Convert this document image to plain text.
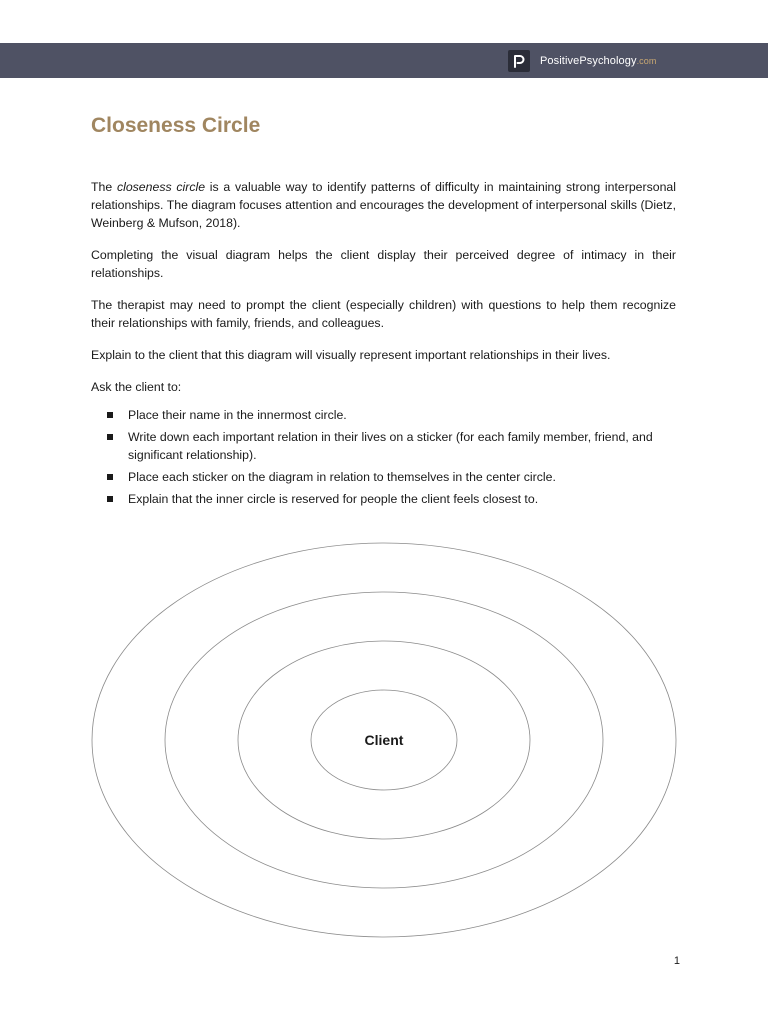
PositivePsychology.com
Closeness Circle

The closeness circle is a valuable way to identify patterns of difficulty in maintaining strong interpersonal relationships. The diagram focuses attention and encourages the development of interpersonal skills (Dietz, Weinberg & Mufson, 2018).

Completing the visual diagram helps the client display their perceived degree of intimacy in their relationships.

The therapist may need to prompt the client (especially children) with questions to help them recognize their relationships with family, friends, and colleagues.

Explain to the client that this diagram will visually represent important relationships in their lives.

Ask the client to:

Place their name in the innermost circle.
Write down each important relation in their lives on a sticker (for each family member, friend, and significant relationship).
Place each sticker on the diagram in relation to themselves in the center circle.
Explain that the inner circle is reserved for people the client feels closest to.
Client
1
